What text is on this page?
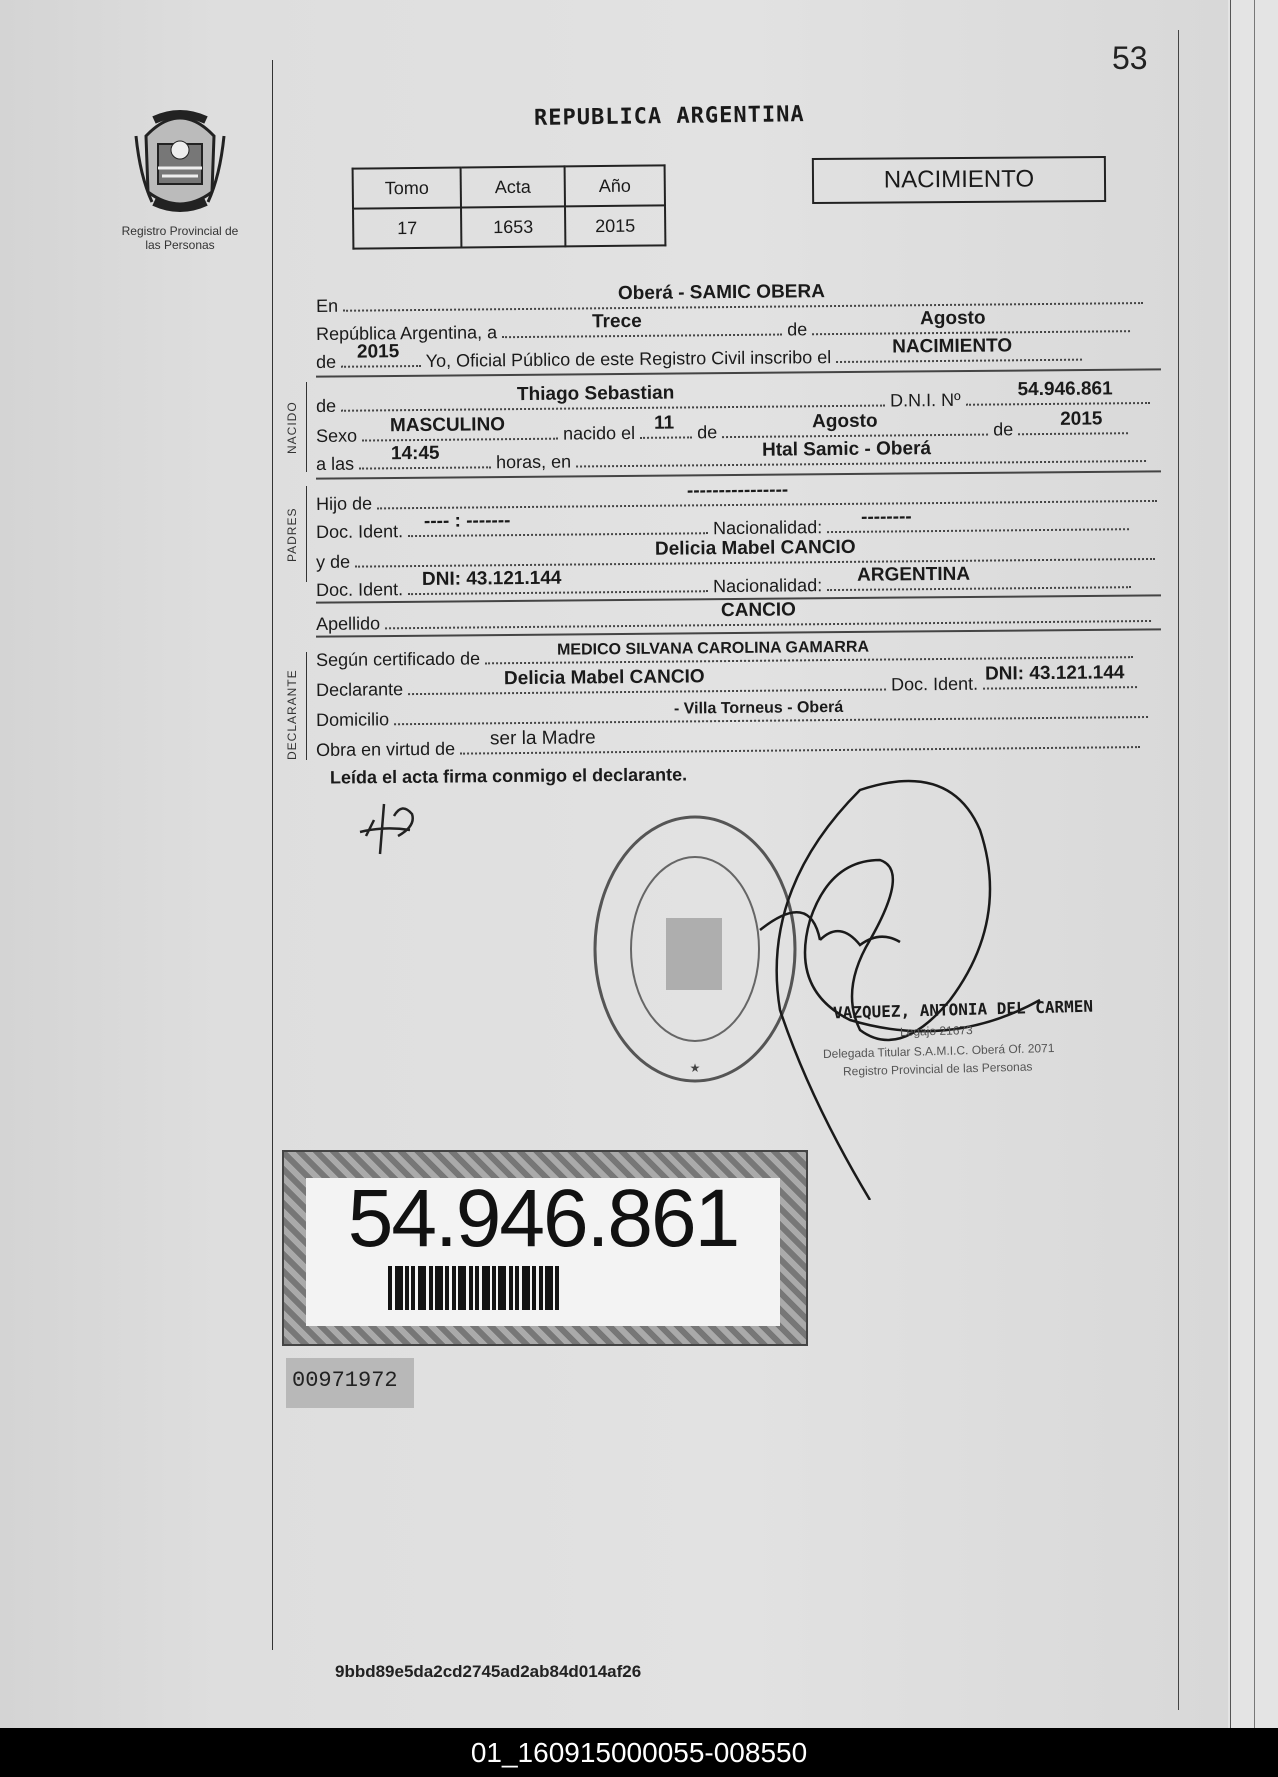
Registro Provincial de las Personas
53
REPUBLICA ARGENTINA
Tomo	Acta	Año
17	1653	2015
NACIMIENTO
En
Oberá - SAMIC OBERA
República Argentina, a
Trece	de
Agosto
de 2015 Yo, Oficial Público de este Registro Civil inscribo el
NACIMIENTO
NACIDO de
Thiago Sebastian	D.N.I. Nº	54.946.861
Sexo MASCULINO	nacido el 11 de
Agosto	de 2015
a las 14:45	horas, en
Htal Samic - Oberá
PADRES
Hijo de
----------------
Doc. Ident. ---- : -------	Nacionalidad: --------
y de
Delicia Mabel CANCIO
Doc. Ident. DNI: 43.121.144	Nacionalidad: ARGENTINA
Apellido
CANCIO
DECLARANTE
Según certificado de	MEDICO SILVANA CAROLINA GAMARRA
Declarante
Delicia Mabel CANCIO	Doc. Ident. DNI: 43.121.144
Domicilio
- Villa Torneus - Oberá
Obra en virtud de
ser la Madre
Leída el acta firma conmigo el declarante.
★
VAZQUEZ, ANTONIA DEL CARMEN
Legajo 21673
Delegada Titular S.A.M.I.C. Oberá Of. 2071
Registro Provincial de las Personas
54.946.861
00971972
9bbd89e5da2cd2745ad2ab84d014af26
01_160915000055-008550
